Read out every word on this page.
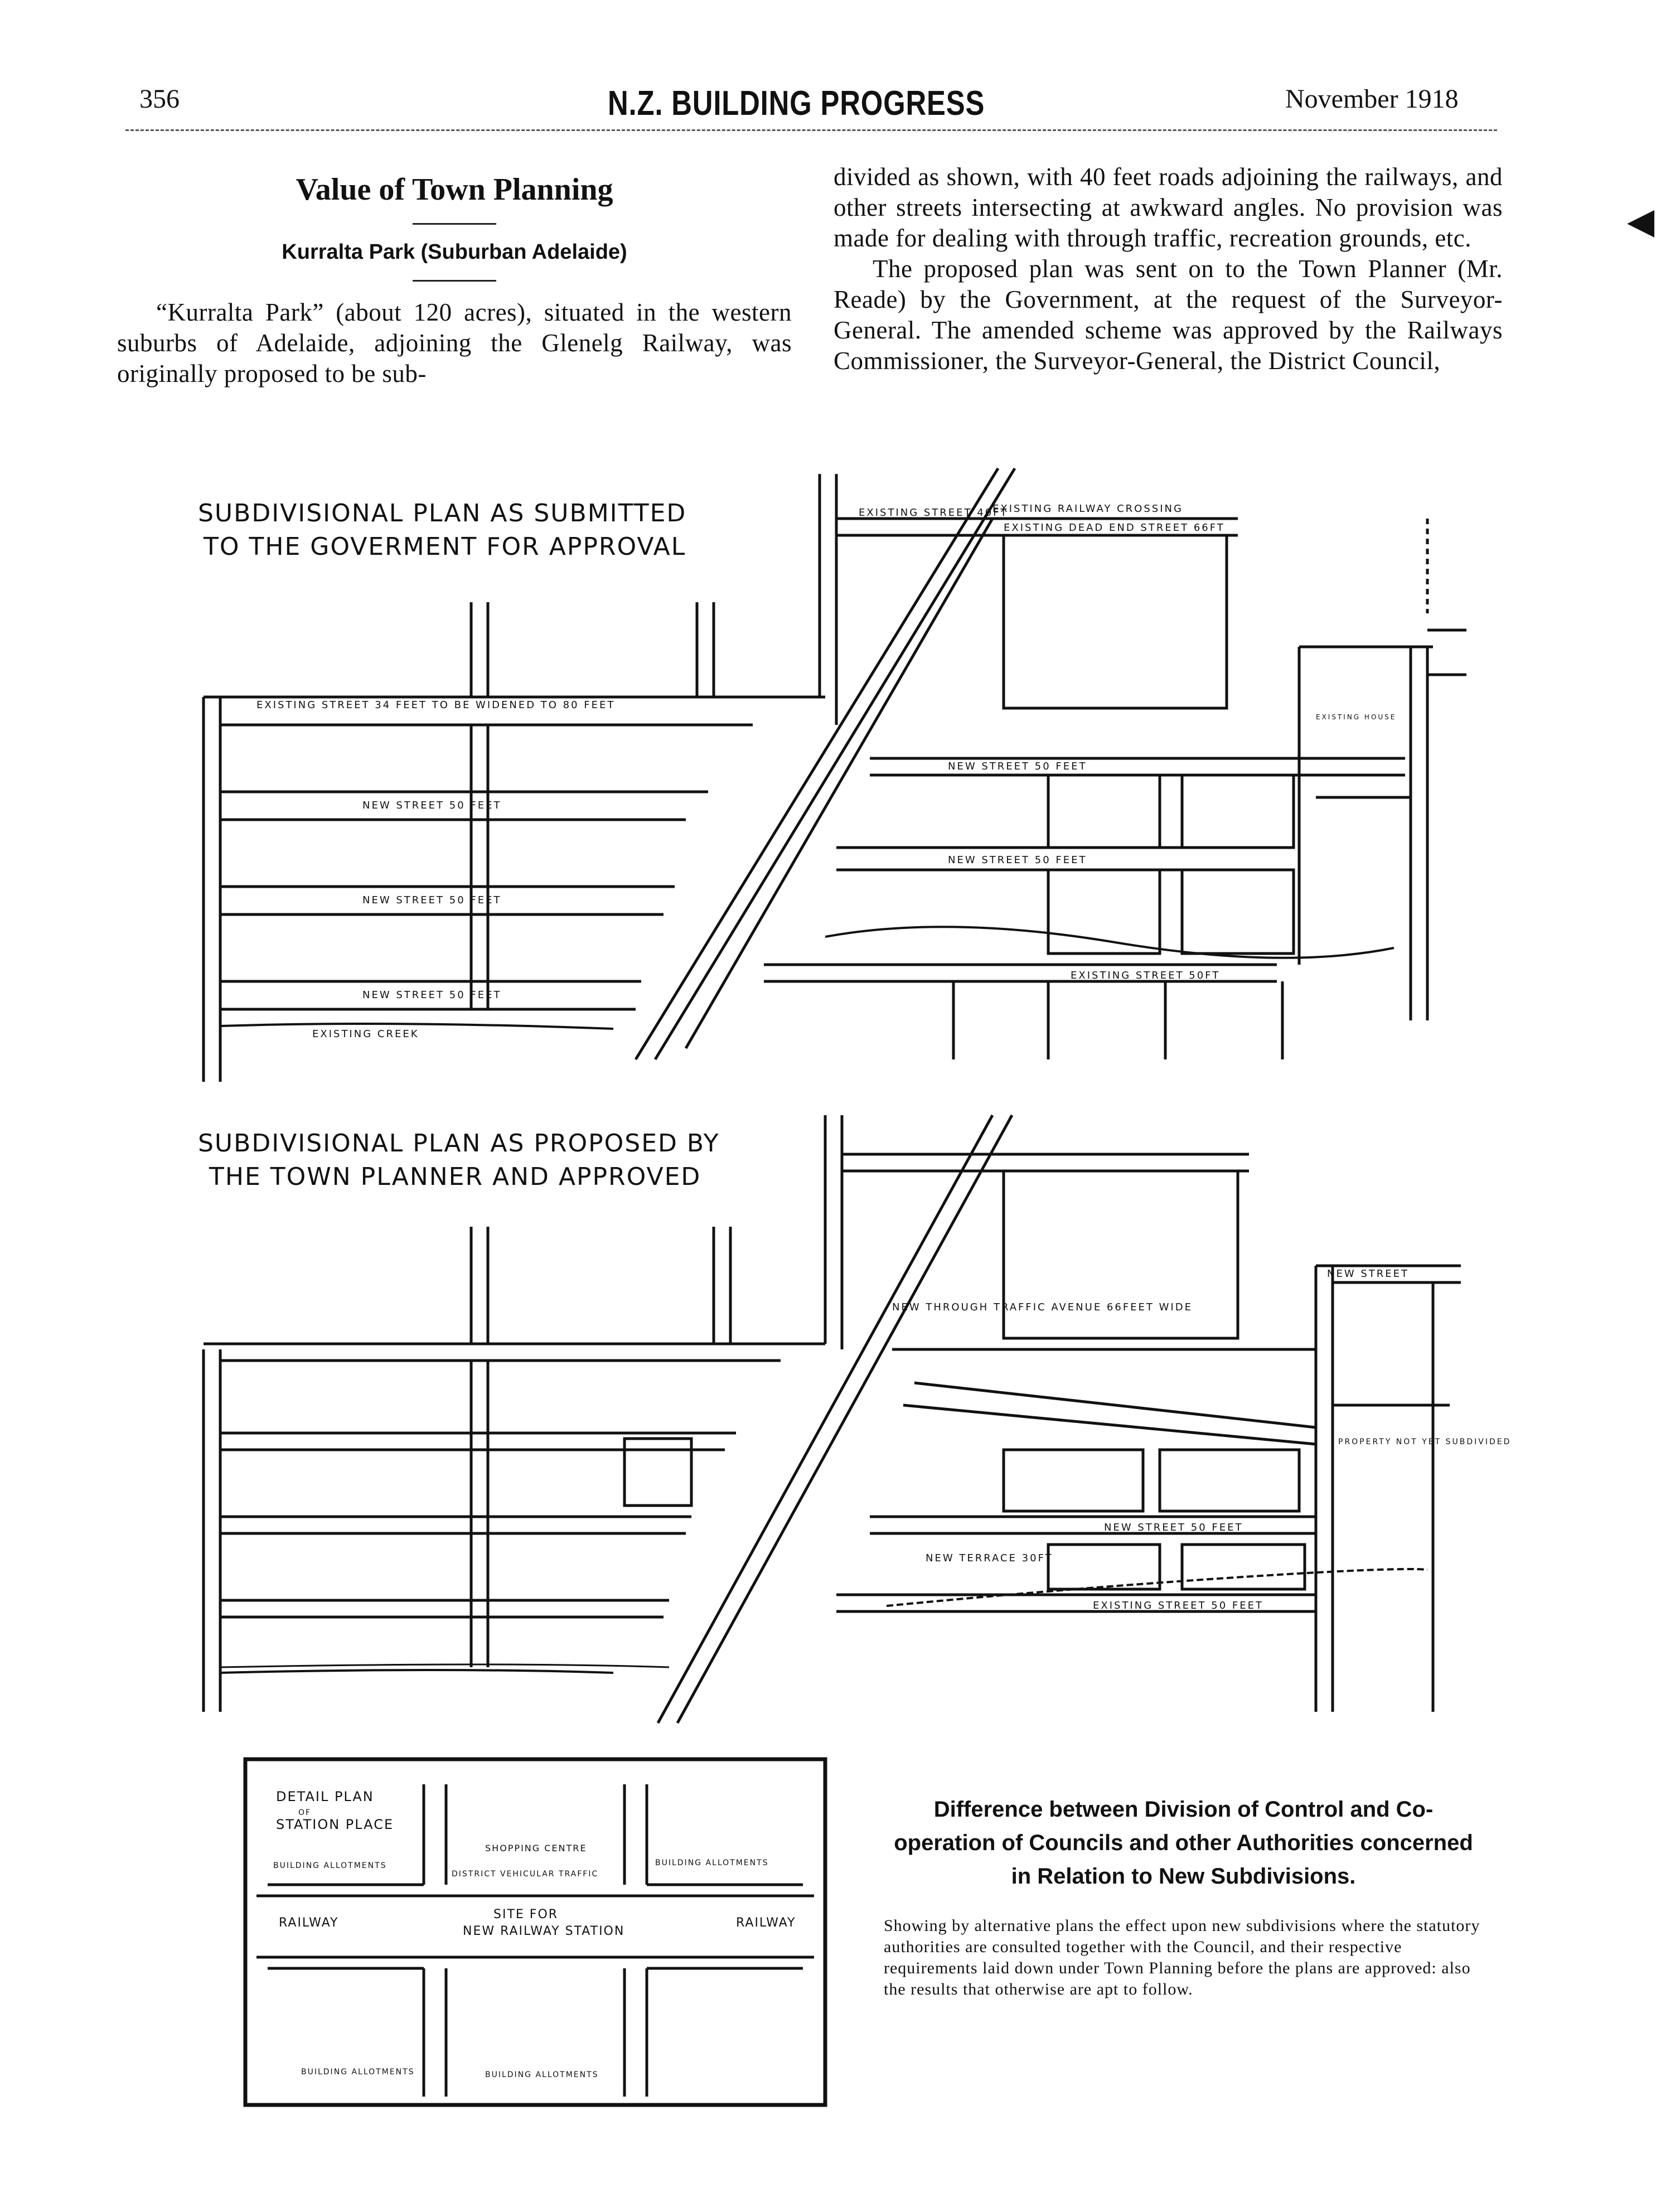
356	N.Z. BUILDING PROGRESS	November 1918
◀
Value of Town Planning
Kurralta Park (Suburban Adelaide)

“Kurralta Park” (about 120 acres), situated in the western suburbs of Adelaide, adjoining the Glenelg Railway, was originally proposed to be sub-

divided as shown, with 40 feet roads adjoining the railways, and other streets intersecting at awkward angles. No provision was made for dealing with through traffic, recreation grounds, etc.

The proposed plan was sent on to the Town Planner (Mr. Reade) by the Government, at the request of the Surveyor-General. The amended scheme was approved by the Railways Commissioner, the Surveyor-General, the District Council,

SUBDIVISIONAL PLAN AS SUBMITTED
TO THE GOVERMENT FOR APPROVAL
SUBDIVISIONAL PLAN AS PROPOSED BY
THE TOWN PLANNER AND APPROVED
EXISTING STREET 34 FEET TO BE WIDENED TO 80 FEET
NEW STREET 50 FEET
NEW STREET 50 FEET
NEW STREET 50 FEET
EXISTING CREEK
EXISTING STREET 40FT
EXISTING RAILWAY CROSSING
EXISTING DEAD END STREET 66FT
NEW STREET 50 FEET
NEW STREET 50 FEET
EXISTING STREET 50FT
EXISTING HOUSE
NEW THROUGH TRAFFIC AVENUE 66FEET WIDE
NEW TERRACE 30FT
NEW STREET 50 FEET
EXISTING STREET 50 FEET
PROPERTY NOT YET SUBDIVIDED
NEW STREET
DETAIL PLAN
OF
STATION PLACE
SHOPPING CENTRE
DISTRICT VEHICULAR TRAFFIC
BUILDING ALLOTMENTS	BUILDING ALLOTMENTS
RAILWAY	RAILWAY
SITE FOR
NEW RAILWAY STATION
BUILDING ALLOTMENTS	BUILDING ALLOTMENTS
Difference between Division of Control and Co-operation of Councils and other Authorities concerned in Relation to New Subdivisions.

Showing by alternative plans the effect upon new subdivisions where the statutory authorities are consulted together with the Council, and their respective requirements laid down under Town Planning before the plans are approved: also the results that otherwise are apt to follow.
